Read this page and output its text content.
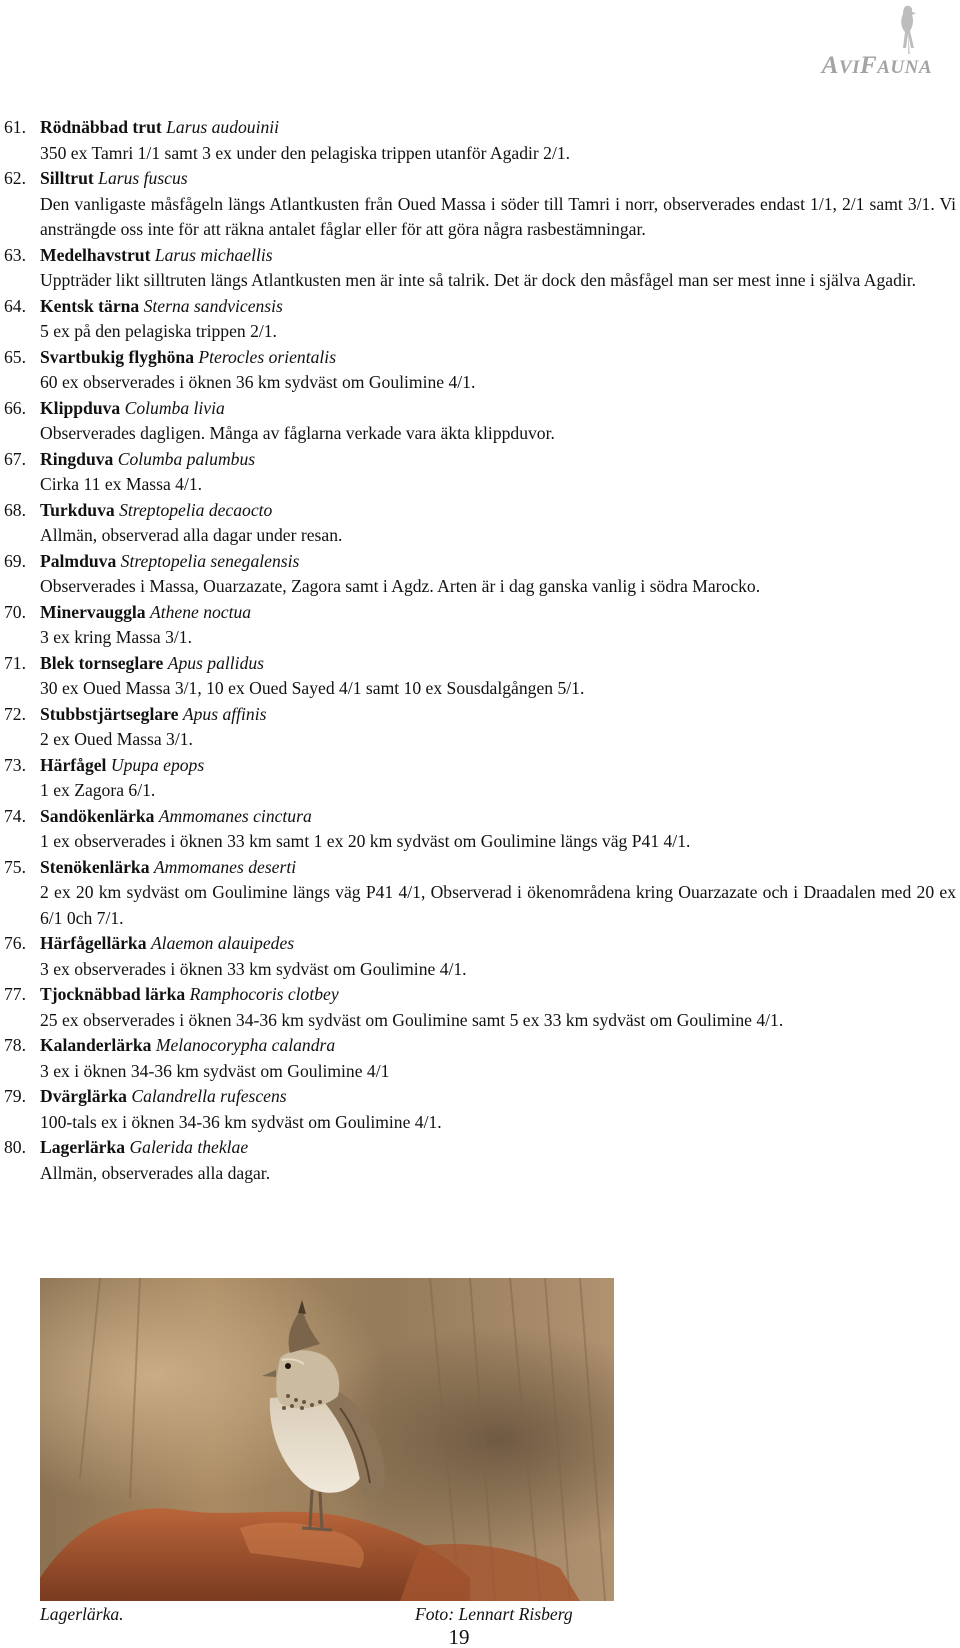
AVIFAUNA
61. Rödnäbbad trut Larus audouinii
350 ex Tamri 1/1 samt 3 ex under den pelagiska trippen utanför Agadir 2/1.
62. Silltrut Larus fuscus
Den vanligaste måsfågeln längs Atlantkusten från Oued Massa i söder till Tamri i norr, observerades endast 1/1, 2/1 samt 3/1. Vi ansträngde oss inte för att räkna antalet fåglar eller för att göra några rasbestämningar.
63. Medelhavstrut Larus michaellis
Uppträder likt silltruten längs Atlantkusten men är inte så talrik. Det är dock den måsfågel man ser mest inne i själva Agadir.
64. Kentsk tärna Sterna sandvicensis
5 ex på den pelagiska trippen 2/1.
65. Svartbukig flyghöna Pterocles orientalis
60 ex observerades i öknen 36 km sydväst om Goulimine 4/1.
66. Klippduva Columba livia
Observerades dagligen. Många av fåglarna verkade vara äkta klippduvor.
67. Ringduva Columba palumbus
Cirka 11 ex Massa 4/1.
68. Turkduva Streptopelia decaocto
Allmän, observerad alla dagar under resan.
69. Palmduva Streptopelia senegalensis
Observerades i Massa, Ouarzazate, Zagora samt i Agdz. Arten är i dag ganska vanlig i södra Marocko.
70. Minervauggla Athene noctua
3 ex kring Massa 3/1.
71. Blek tornseglare Apus pallidus
30 ex Oued Massa 3/1, 10 ex Oued Sayed 4/1 samt 10 ex Sousdalgången 5/1.
72. Stubbstjärtseglare Apus affinis
2 ex Oued Massa 3/1.
73. Härfågel Upupa epops
1 ex Zagora 6/1.
74. Sandökenlärka Ammomanes cinctura
1 ex observerades i öknen 33 km samt 1 ex 20 km sydväst om Goulimine längs väg P41 4/1.
75. Stenökenlärka Ammomanes deserti
2 ex 20 km sydväst om Goulimine längs väg P41 4/1, Observerad i ökenområdena kring Ouarzazate och i Draadalen med 20 ex 6/1 0ch 7/1.
76. Härfågellärka Alaemon alauipedes
3 ex observerades i öknen 33 km sydväst om Goulimine 4/1.
77. Tjocknäbbad lärka Ramphocoris clotbey
25 ex observerades i öknen 34-36 km sydväst om Goulimine samt 5 ex 33 km sydväst om Goulimine 4/1.
78. Kalanderlärka Melanocorypha calandra
3 ex i öknen 34-36 km sydväst om Goulimine 4/1
79. Dvärglärka Calandrella rufescens
100-tals ex i öknen 34-36 km sydväst om Goulimine 4/1.
80. Lagerlärka Galerida theklae
Allmän, observerades alla dagar.
Lagerlärka.	Foto: Lennart Risberg
19
